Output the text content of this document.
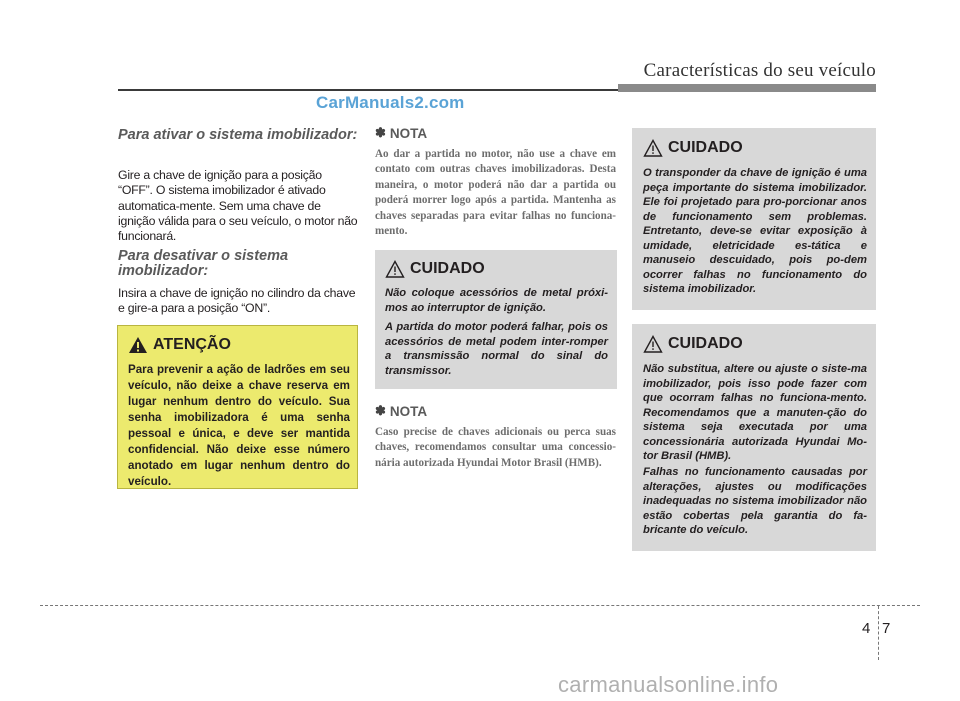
Características do seu veículo
CarManuals2.com
Para ativar o sistema imobilizador:
Gire a chave de ignição para a posição “OFF”. O sistema imobilizador é ativado automatica-mente. Sem uma chave de ignição válida para o seu veículo, o motor não funcionará.
Para desativar o sistema imobilizador:
Insira a chave de ignição no cilindro da chave e gire-a para a posição “ON”.
ATENÇÃO
Para prevenir a ação de ladrões em seu veículo, não deixe a chave reserva em lugar nenhum dentro do veículo. Sua senha imobilizadora é uma senha pessoal e única, e deve ser mantida confidencial. Não deixe esse número anotado em lugar nenhum dentro do veículo.
✽ NOTA
Ao dar a partida no motor, não use a chave em contato com outras chaves imobilizadoras. Desta maneira, o motor poderá não dar a partida ou poderá morrer logo após a partida. Mantenha as chaves separadas para evitar falhas no funciona-mento.
CUIDADO
Não coloque acessórios de metal próxi-mos ao interruptor de ignição.
A partida do motor poderá falhar, pois os acessórios de metal podem inter-romper a transmissão normal do sinal do transmissor.
✽ NOTA
Caso precise de chaves adicionais ou perca suas chaves, recomendamos consultar uma concessio-nária autorizada Hyundai Motor Brasil (HMB).
CUIDADO
O transponder da chave de ignição é uma peça importante do sistema imobilizador. Ele foi projetado para pro-porcionar anos de funcionamento sem problemas. Entretanto, deve-se evitar exposição à umidade, eletricidade es-tática e manuseio descuidado, pois po-dem ocorrer falhas no funcionamento do sistema imobilizador.
CUIDADO
Não substitua, altere ou ajuste o siste-ma imobilizador, pois isso pode fazer com que ocorram falhas no funciona-mento. Recomendamos que a manuten-ção do sistema seja executada por uma concessionária autorizada Hyundai Mo-tor Brasil (HMB).
Falhas no funcionamento causadas por alterações, ajustes ou modificações inadequadas no sistema imobilizador não estão cobertas pela garantia do fa-bricante do veículo.
4 7
carmanualsonline.info
